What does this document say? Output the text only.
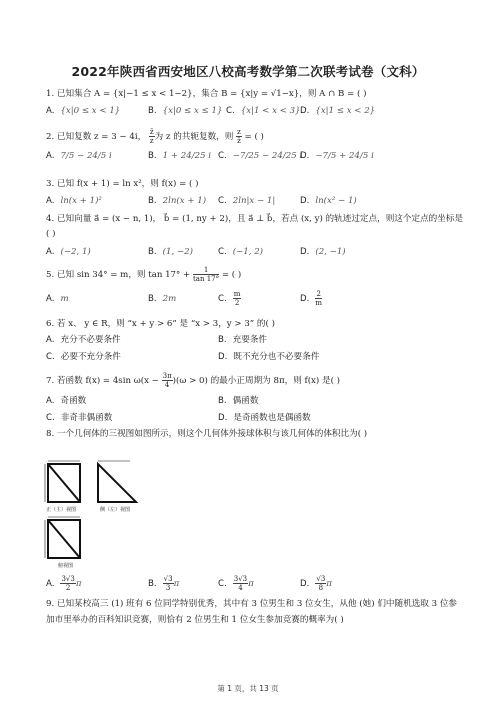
2022年陕西省西安地区八校高考数学第二次联考试卷（文科）
1. 已知集合 A = {x|−1 ≤ x < 1−2}，集合 B = {x|y = √1−x}，则 A ∩ B = ( )
A. {x|0 ≤ x < 1}	B. {x|0 ≤ x ≤ 1} C. {x|1 < x < 3} D. {x|1 ≤ x < 2}
2. 已知复数 z = 3 − 4i， $\frac{z̄}{z}$ 为 z 的共轭复数，则 $\frac{z}{z̄}$ = ( )
A. 7/5 − 24/5 i	B. 1 + 24/25 i C. −7/25 − 24/25 i
D. −7/5 + 24/5 i
3. 已知 f(x + 1) = ln x²，则 f(x) = ( )
A. ln(x + 1)²	B. 2ln(x + 1) C. 2ln|x − 1|	D. ln(x² − 1)
4. 已知向量 a⃗ = (x − n, 1)， b⃗ = (1, ny + 2)，且 a⃗ ⊥ b⃗，若点 (x, y) 的轨迹过定点，则这个定点的坐标是
( )
A. (−2, 1)	B. (1, −2)	C. (−1, 2)	D. (2, −1)
5. 已知 sin 34° = m，则 $\tan 17^\circ + \frac{1}{\tan 17^\circ}$ = ( )
A. m	B. 2m	C. $\frac{m}{2}$	D. $\frac{2}{m}$
6. 若 x、 y ∈ R，则 “x + y > 6” 是 “x > 3，y > 3” 的( )
A. 充分不必要条件	B. 充要条件
C. 必要不充分条件	D. 既不充分也不必要条件
7. 若函数 f(x) = 4sin $\omega(x - \frac{3\pi}{4} )(\omega > 0)$ 的最小正周期为 8π，则 f(x) 是( )
A. 奇函数	B. 偶函数
C. 非奇非偶函数	D. 是奇函数也是偶函数
8. 一个几何体的三视图如图所示，则这个几何体外接球体积与该几何体的体积比为( )
正（主）视图	侧（左）视图
俯视图
A. $\frac{3√3}{2}$ π	B. $\frac{√3}{3}$ π	C. $\frac{3√3}{4}$ π	D. $\frac{√3}{8}$ π
9. 已知某校高三 (1) 班有 6 位同学特别优秀，其中有 3 位男生和 3 位女生，从他 (她) 们中随机选取 3 位参
加市里举办的百科知识竞赛，则恰有 2 位男生和 1 位女生参加竞赛的概率为( )
第 1 页，共 13 页
